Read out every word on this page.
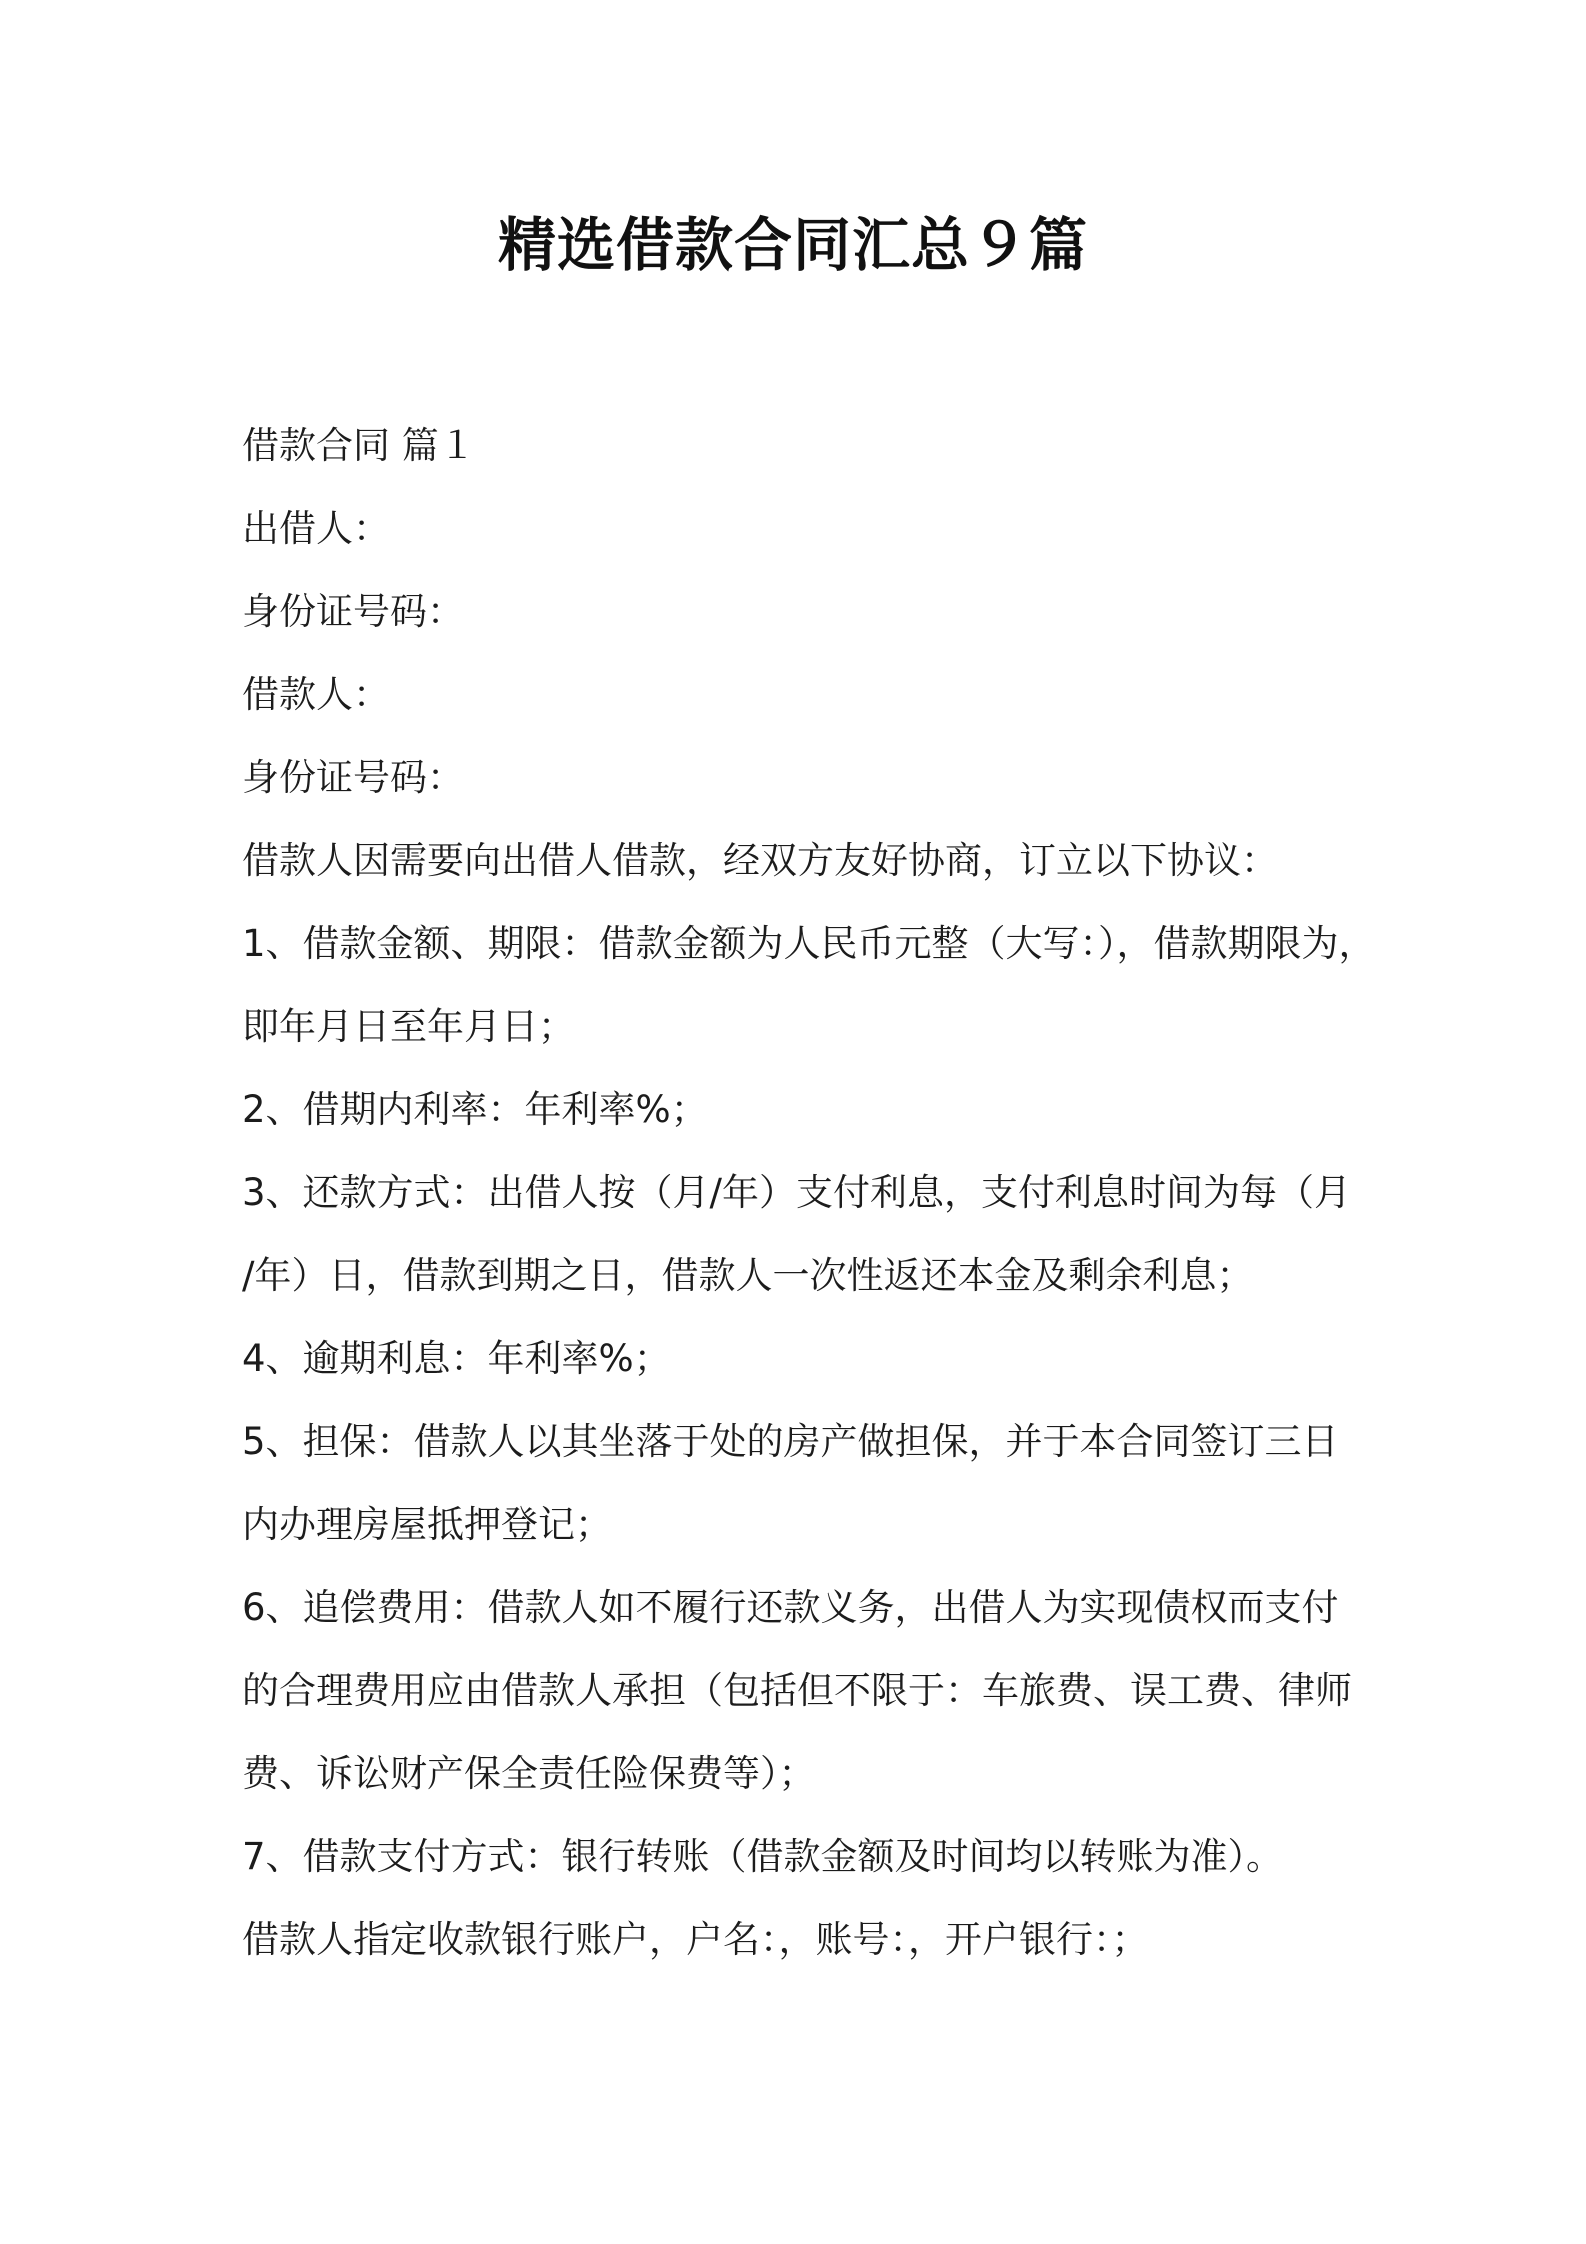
精选借款合同汇总９篇
借款合同 篇１
出借人：
身份证号码：
借款人：
身份证号码：
借款人因需要向出借人借款，经双方友好协商，订立以下协议：
1、借款金额、期限：借款金额为人民币元整（大写：），借款期限为，
即年月日至年月日；
2、借期内利率：年利率%；
3、还款方式：出借人按（月/年）支付利息，支付利息时间为每（月
/年）日，借款到期之日，借款人一次性返还本金及剩余利息；
4、逾期利息：年利率%；
5、担保：借款人以其坐落于处的房产做担保，并于本合同签订三日
内办理房屋抵押登记；
6、追偿费用：借款人如不履行还款义务，出借人为实现债权而支付
的合理费用应由借款人承担（包括但不限于：车旅费、误工费、律师
费、诉讼财产保全责任险保费等）；
7、借款支付方式：银行转账（借款金额及时间均以转账为准）。
借款人指定收款银行账户，户名：，账号：，开户银行：；
